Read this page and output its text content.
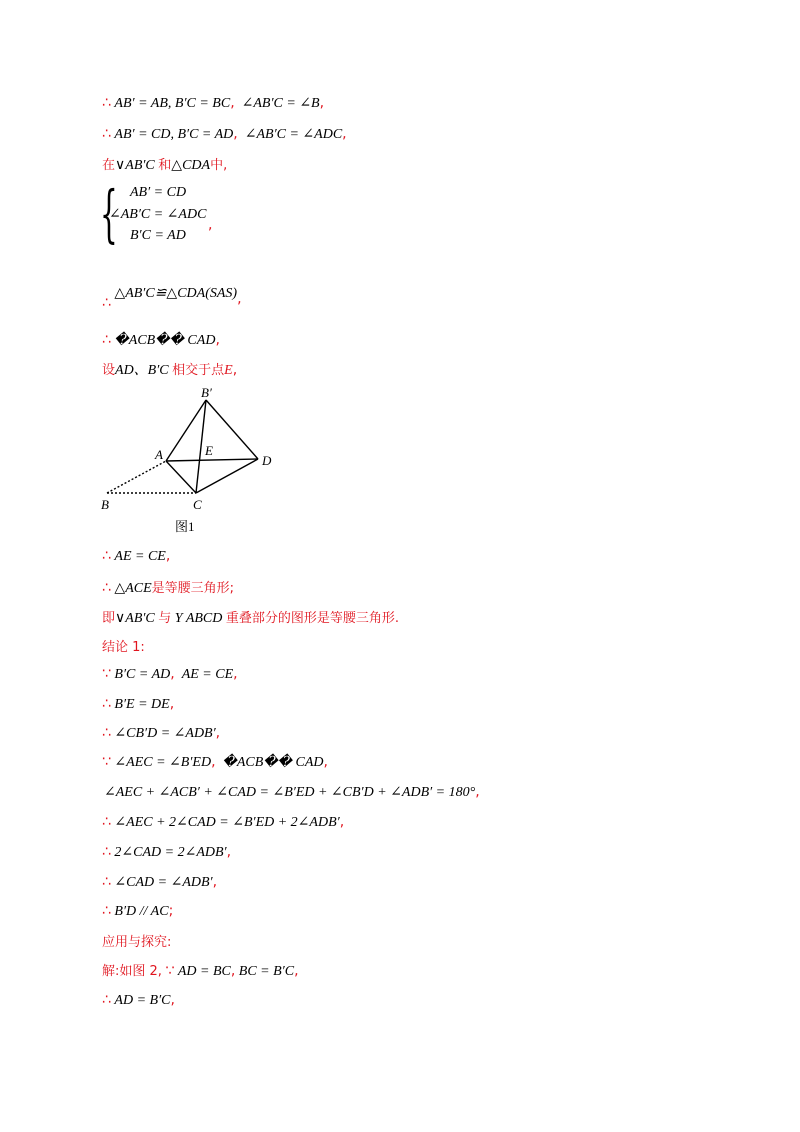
∴ AB′ = AB, B′C = BC, ∠AB′C = ∠B,
∴ AB′ = CD, B′C = AD, ∠AB′C = ∠ADC,
在∨AB′C 和△CDA中,
{ AB′ = CD
∠AB′C = ∠ADC
B′C = AD
,
∴ △AB′C≌△CDA(SAS),
∴ �ACB�� CAD,
设AD、B′C 相交于点E,
B′
A	E
D
B	C
图1
∴ AE = CE,
∴ △ACE是等腰三角形;
即∨AB′C 与 Y ABCD 重叠部分的图形是等腰三角形.
结论 1:
∵ B′C = AD, AE = CE,
∴ B′E = DE,
∴ ∠CB′D = ∠ADB′,
∵ ∠AEC = ∠B′ED, �ACB�� CAD,
∠AEC + ∠ACB′ + ∠CAD = ∠B′ED + ∠CB′D + ∠ADB′ = 180°,
∴ ∠AEC + 2∠CAD = ∠B′ED + 2∠ADB′,
∴ 2∠CAD = 2∠ADB′,
∴ ∠CAD = ∠ADB′,
∴ B′D // AC;
应用与探究:
解:如图 2, ∵ AD = BC, BC = B′C,
∴ AD = B′C,
